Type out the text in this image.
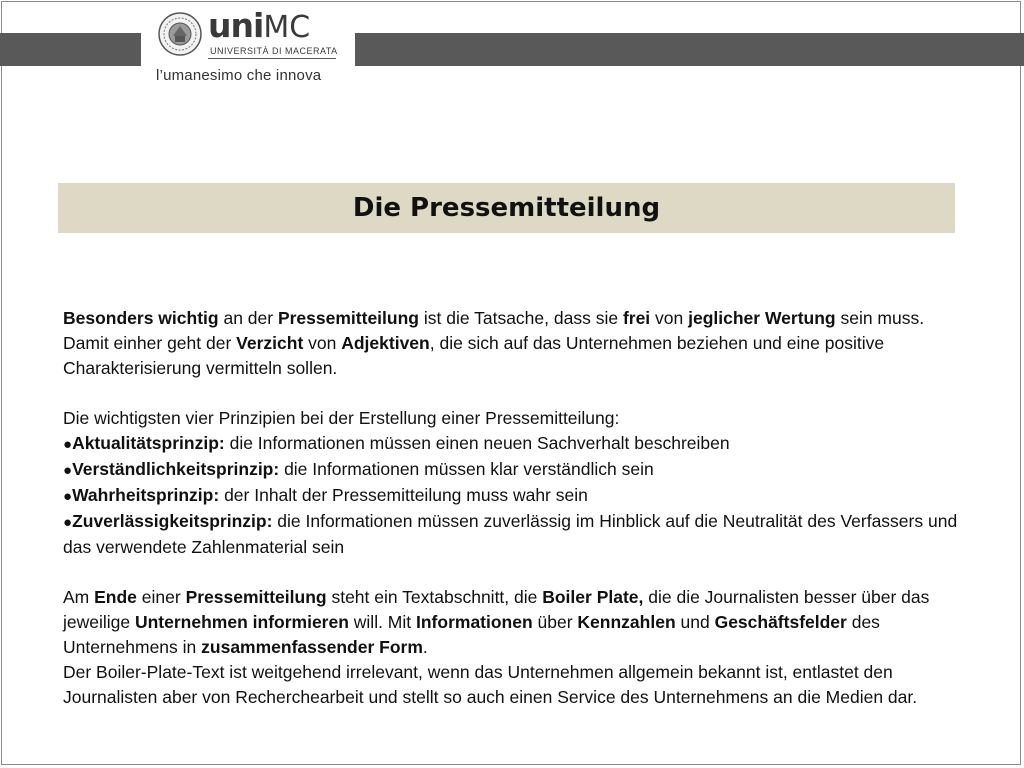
uniMC
UNIVERSITÀ DI MACERATA
l’umanesimo che innova
Die Pressemitteilung

Besonders wichtig an der Pressemitteilung ist die Tatsache, dass sie frei von jeglicher Wertung sein muss. Damit einher geht der Verzicht von Adjektiven, die sich auf das Unternehmen beziehen und eine positive Charakterisierung vermitteln sollen.

Die wichtigsten vier Prinzipien bei der Erstellung einer Pressemitteilung:

● Aktualitätsprinzip: die Informationen müssen einen neuen Sachverhalt beschreiben
● Verständlichkeitsprinzip: die Informationen müssen klar verständlich sein
● Wahrheitsprinzip: der Inhalt der Pressemitteilung muss wahr sein
● Zuverlässigkeitsprinzip: die Informationen müssen zuverlässig im Hinblick auf die Neutralität des Verfassers und das verwendete Zahlenmaterial sein

Am Ende einer Pressemitteilung steht ein Textabschnitt, die Boiler Plate, die die Journalisten besser über das jeweilige Unternehmen informieren will. Mit Informationen über Kennzahlen und Geschäftsfelder des Unternehmens in zusammenfassender Form.

Der Boiler-Plate-Text ist weitgehend irrelevant, wenn das Unternehmen allgemein bekannt ist, entlastet den Journalisten aber von Recherchearbeit und stellt so auch einen Service des Unternehmens an die Medien dar.
